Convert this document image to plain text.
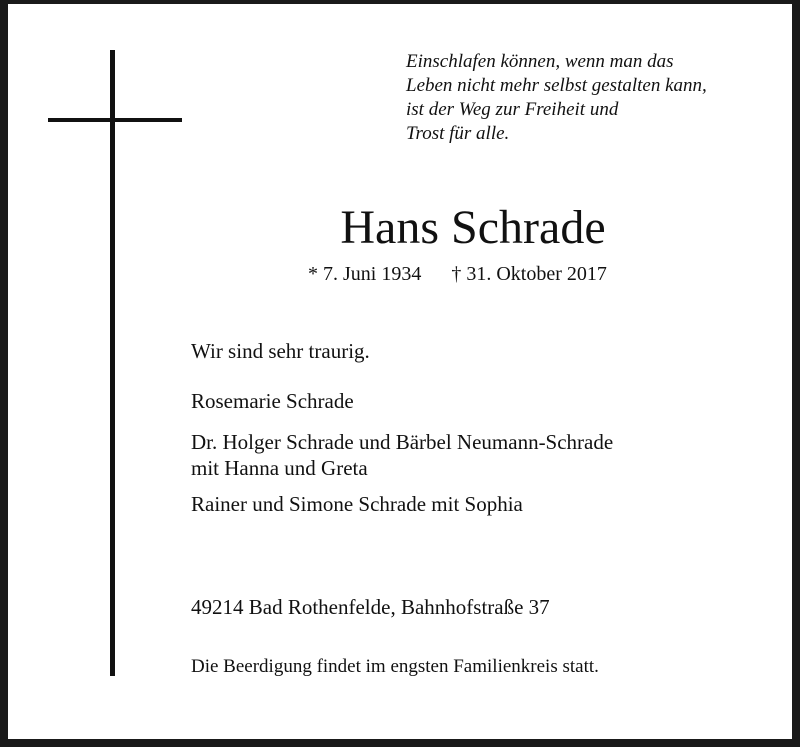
Einschlafen können, wenn man das
Leben nicht mehr selbst gestalten kann,
ist der Weg zur Freiheit und
Trost für alle.
Hans Schrade
* 7. Juni 1934 † 31. Oktober 2017
Wir sind sehr traurig.
Rosemarie Schrade
Dr. Holger Schrade und Bärbel Neumann-Schrade
mit Hanna und Greta
Rainer und Simone Schrade mit Sophia
49214 Bad Rothenfelde, Bahnhofstraße 37
Die Beerdigung findet im engsten Familienkreis statt.
